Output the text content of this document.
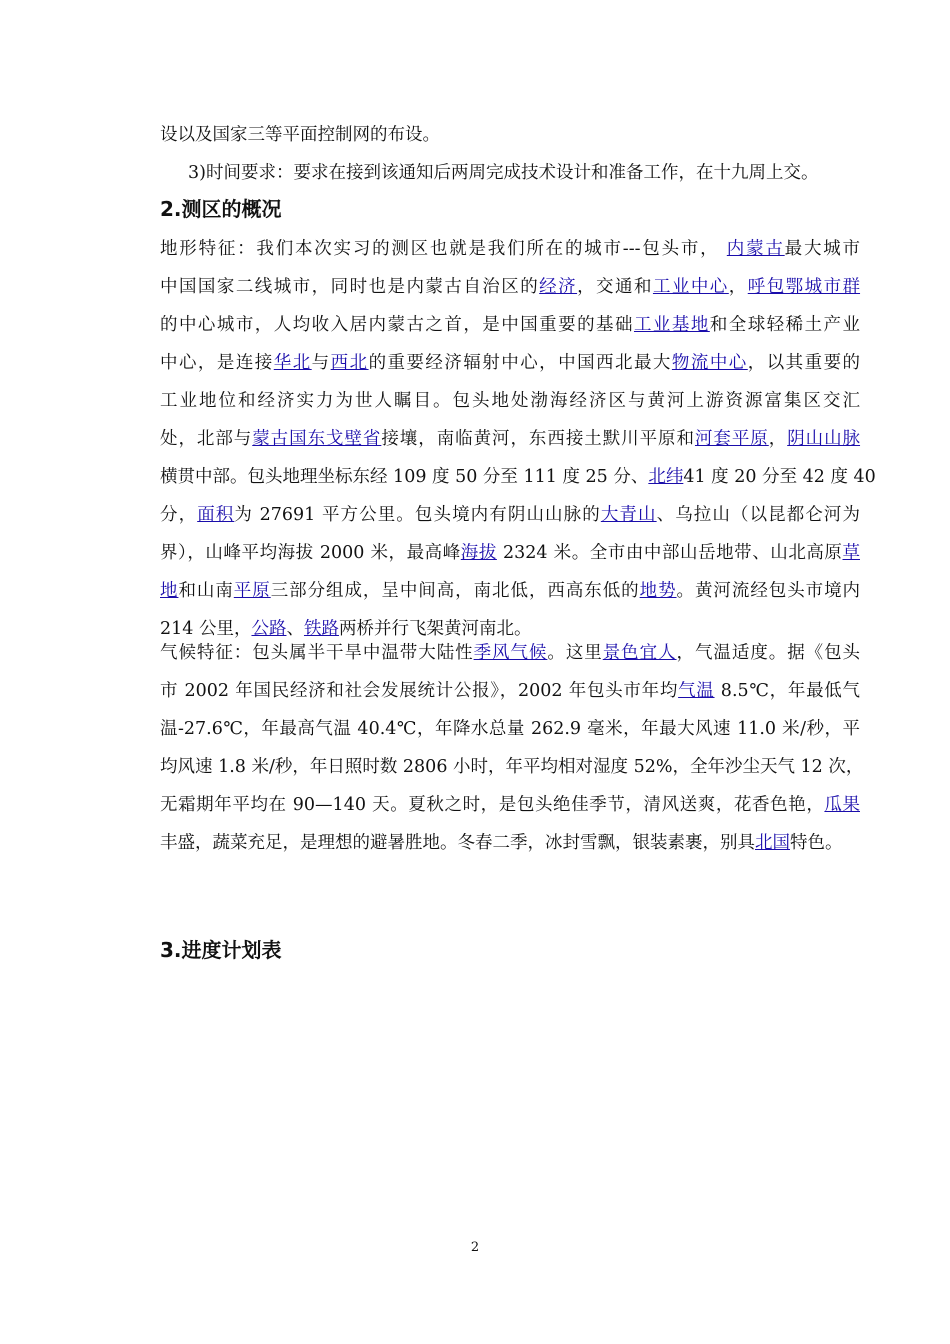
设以及国家三等平面控制网的布设。
3)时间要求：要求在接到该通知后两周完成技术设计和准备工作，在十九周上交。
2.测区的概况
地形特征：我们本次实习的测区也就是我们所在的城市---包头市， 内蒙古最大城市
中国国家二线城市，同时也是内蒙古自治区的经济，交通和工业中心，呼包鄂城市群
的中心城市，人均收入居内蒙古之首，是中国重要的基础工业基地和全球轻稀土产业
中心，是连接华北与西北的重要经济辐射中心，中国西北最大物流中心，以其重要的
工业地位和经济实力为世人瞩目。包头地处渤海经济区与黄河上游资源富集区交汇
处，北部与蒙古国东戈壁省接壤，南临黄河，东西接土默川平原和河套平原，阴山山脉
横贯中部。包头地理坐标东经 109 度 50 分至 111 度 25 分、北纬41 度 20 分至 42 度 40
分，面积为 27691 平方公里。包头境内有阴山山脉的大青山、乌拉山（以昆都仑河为
界），山峰平均海拔 2000 米，最高峰海拔 2324 米。全市由中部山岳地带、山北高原草
地和山南平原三部分组成，呈中间高，南北低，西高东低的地势。黄河流经包头市境内
214 公里，公路、铁路两桥并行飞架黄河南北。
气候特征：包头属半干旱中温带大陆性季风气候。这里景色宜人，气温适度。据《包头
市 2002 年国民经济和社会发展统计公报》，2002 年包头市年均气温 8.5℃，年最低气
温-27.6℃，年最高气温 40.4℃，年降水总量 262.9 毫米，年最大风速 11.0 米/秒，平
均风速 1.8 米/秒，年日照时数 2806 小时，年平均相对湿度 52%，全年沙尘天气 12 次，
无霜期年平均在 90—140 天。夏秋之时，是包头绝佳季节，清风送爽，花香色艳，瓜果
丰盛，蔬菜充足，是理想的避暑胜地。冬春二季，冰封雪飘，银装素裹，别具北国特色。
3.进度计划表
2
